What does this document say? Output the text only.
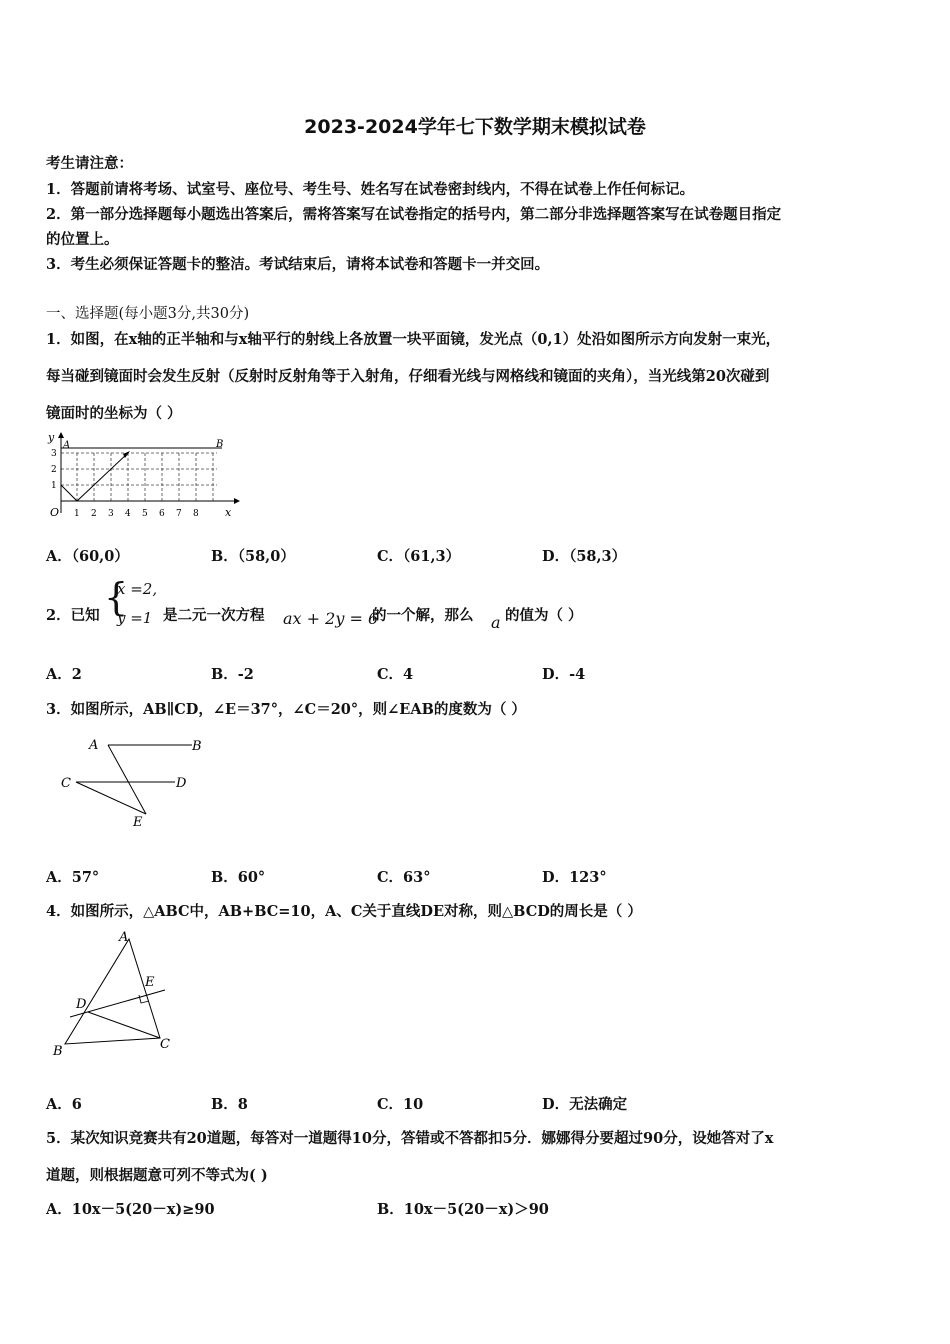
2023-2024学年七下数学期末模拟试卷
考生请注意：
1．答题前请将考场、试室号、座位号、考生号、姓名写在试卷密封线内，不得在试卷上作任何标记。
2．第一部分选择题每小题选出答案后，需将答案写在试卷指定的括号内，第二部分非选择题答案写在试卷题目指定
的位置上。
3．考生必须保证答题卡的整洁。考试结束后，请将本试卷和答题卡一并交回。
一、选择题(每小题3分,共30分)
1．如图，在x轴的正半轴和与x轴平行的射线上各放置一块平面镜，发光点（0,1）处沿如图所示方向发射一束光，
每当碰到镜面时会发生反射（反射时反射角等于入射角，仔细看光线与网格线和镜面的夹角），当光线第20次碰到
镜面时的坐标为（ ）
y
x
O
A	B
1 2 3 4 5 6 7 8
1
2
3
A．（60,0）	B．（58,0）	C．（61,3）	D．（58,3）
2．已知 {
x =2,
y =1 是二元一次方程 ax + 2y = 6
的一个解，那么 a 的值为（ ）
A．2	B．-2	C．4	D．-4
3．如图所示，AB∥CD，∠E＝37°，∠C＝20°，则∠EAB的度数为（ ）
A	B
C	D
E
A．57°	B．60°	C．63°	D．123°
4．如图所示，△ABC中，AB+BC=10，A、C关于直线DE对称，则△BCD的周长是（ ）
A
B	C
D
E
A．6	B．8	C．10	D．无法确定
5．某次知识竞赛共有20道题，每答对一道题得10分，答错或不答都扣5分．娜娜得分要超过90分，设她答对了x
道题，则根据题意可列不等式为( )
A．10x－5(20－x)≥90	B．10x－5(20－x)＞90
